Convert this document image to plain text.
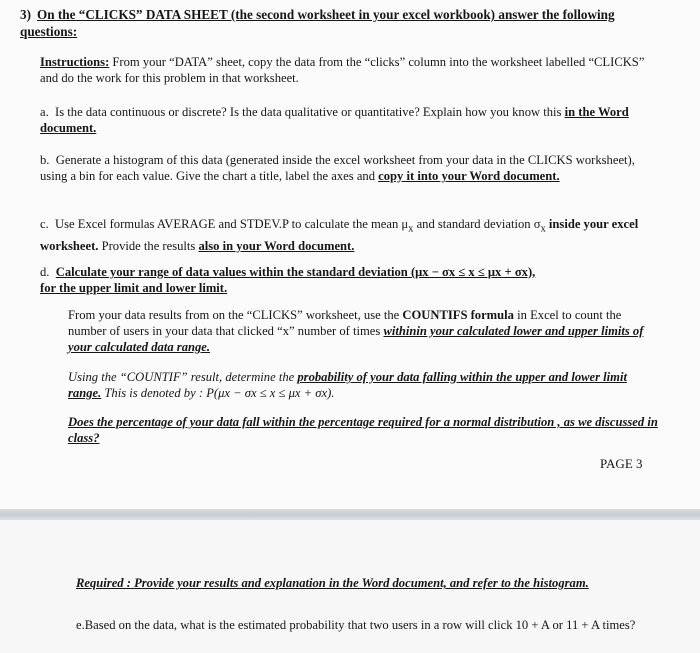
3) On the “CLICKS” DATA SHEET (the second worksheet in your excel workbook) answer the following questions:
Instructions: From your “DATA” sheet, copy the data from the “clicks” column into the worksheet labelled “CLICKS” and do the work for this problem in that worksheet.
a. Is the data continuous or discrete? Is the data qualitative or quantitative? Explain how you know this in the Word document.
b. Generate a histogram of this data (generated inside the excel worksheet from your data in the CLICKS worksheet), using a bin for each value. Give the chart a title, label the axes and copy it into your Word document.
c. Use Excel formulas AVERAGE and STDEV.P to calculate the mean $\mu_x$ and standard deviation $\sigma_x$ inside your excel worksheet. Provide the results also in your Word document.
d. Calculate your range of data values within the standard deviation (μx − σx ≤ x ≤ μx + σx),
for the upper limit and lower limit.
From your data results from on the “CLICKS” worksheet, use the COUNTIFS formula in Excel to count the number of users in your data that clicked “x” number of times withinin your calculated lower and upper limits of your calculated data range.
Using the “COUNTIF” result, determine the probability of your data falling within the upper and lower limit range. This is denoted by : P(μx − σx ≤ x ≤ μx + σx).
Does the percentage of your data fall within the percentage required for a normal distribution , as we discussed in class?
PAGE 3
Required : Provide your results and explanation in the Word document, and refer to the histogram.
e.Based on the data, what is the estimated probability that two users in a row will click 10 + A or 11 + A times?
